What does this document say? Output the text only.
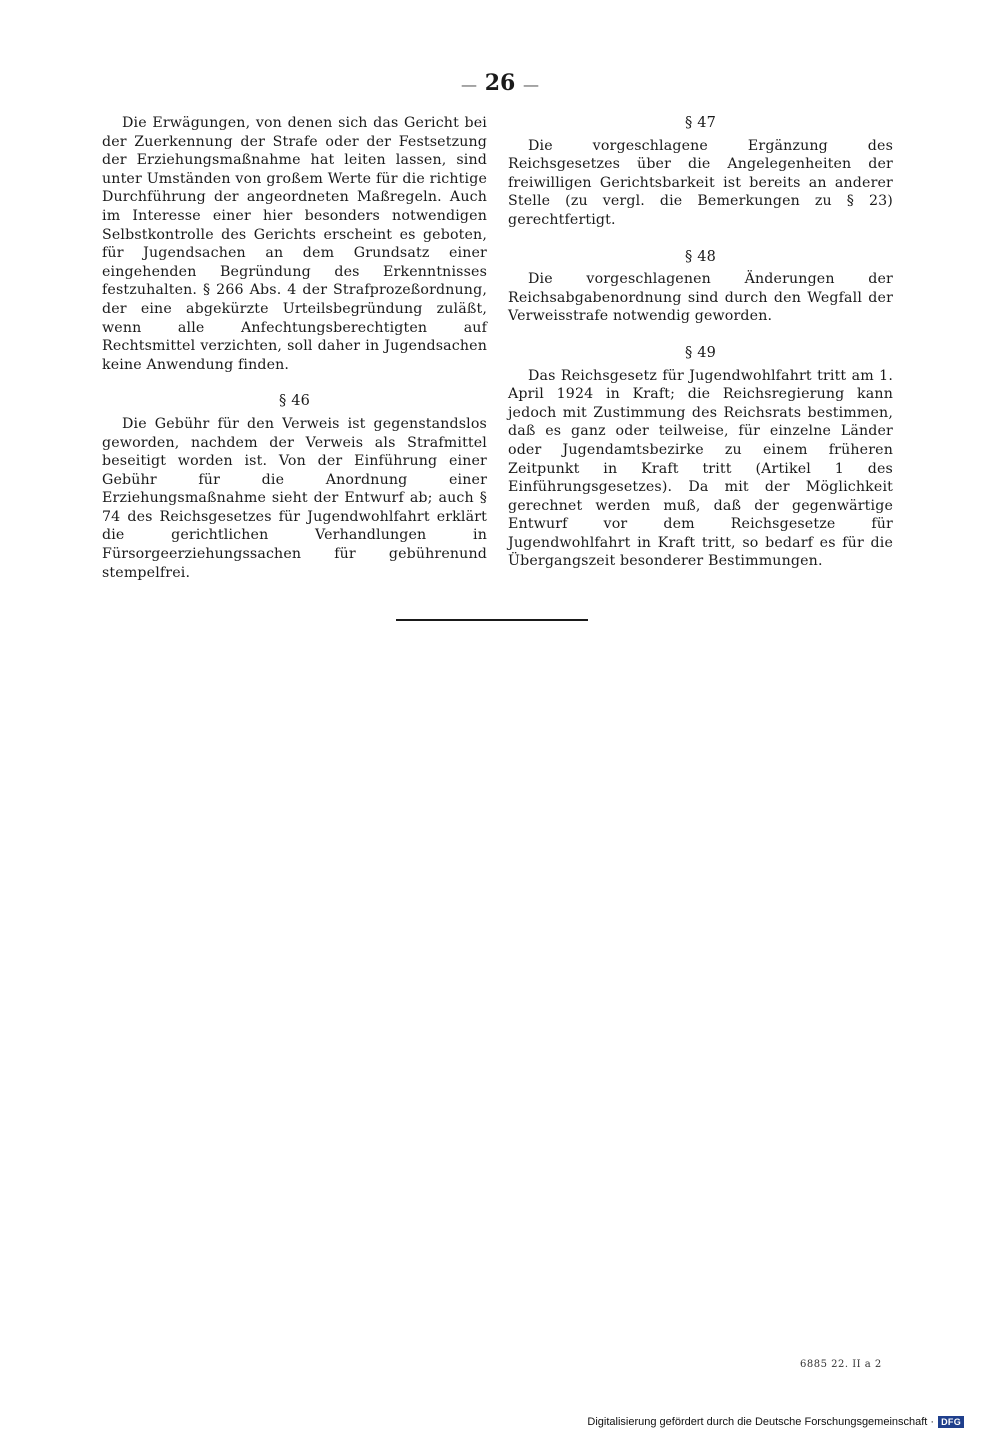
— 26 —

Die Erwägungen, von denen sich das Gericht bei der Zuerkennung der Strafe oder der Festsetzung der Erziehungsmaßnahme hat leiten lassen, sind unter Umständen von großem Werte für die richtige Durchführung der angeordneten Maßregeln. Auch im Interesse einer hier besonders notwendigen Selbstkontrolle des Gerichts erscheint es geboten, für Jugendsachen an dem Grundsatz einer eingehenden Begründung des Erkenntnisses festzuhalten. § 266 Abs. 4 der Strafprozeßordnung, der eine abgekürzte Urteilsbegründung zuläßt, wenn alle Anfechtungsberechtigten auf Rechtsmittel verzichten, soll daher in Jugendsachen keine Anwendung finden.

§ 46

Die Gebühr für den Verweis ist gegenstandslos geworden, nachdem der Verweis als Strafmittel beseitigt worden ist. Von der Einführung einer Gebühr für die Anordnung einer Erziehungsmaßnahme sieht der Entwurf ab; auch § 74 des Reichsgesetzes für Jugendwohlfahrt erklärt die gerichtlichen Verhandlungen in Fürsorgeerziehungssachen für gebührenund stempelfrei.

§ 47

Die vorgeschlagene Ergänzung des Reichsgesetzes über die Angelegenheiten der freiwilligen Gerichtsbarkeit ist bereits an anderer Stelle (zu vergl. die Bemerkungen zu § 23) gerechtfertigt.

§ 48

Die vorgeschlagenen Änderungen der Reichsabgabenordnung sind durch den Wegfall der Verweisstrafe notwendig geworden.

§ 49

Das Reichsgesetz für Jugendwohlfahrt tritt am 1. April 1924 in Kraft; die Reichsregierung kann jedoch mit Zustimmung des Reichsrats bestimmen, daß es ganz oder teilweise, für einzelne Länder oder Jugendamtsbezirke zu einem früheren Zeitpunkt in Kraft tritt (Artikel 1 des Einführungsgesetzes). Da mit der Möglichkeit gerechnet werden muß, daß der gegenwärtige Entwurf vor dem Reichsgesetze für Jugendwohlfahrt in Kraft tritt, so bedarf es für die Übergangszeit besonderer Bestimmungen.

6885 22. II a 2
Digitalisierung gefördert durch die Deutsche Forschungsgemeinschaft · DFG
